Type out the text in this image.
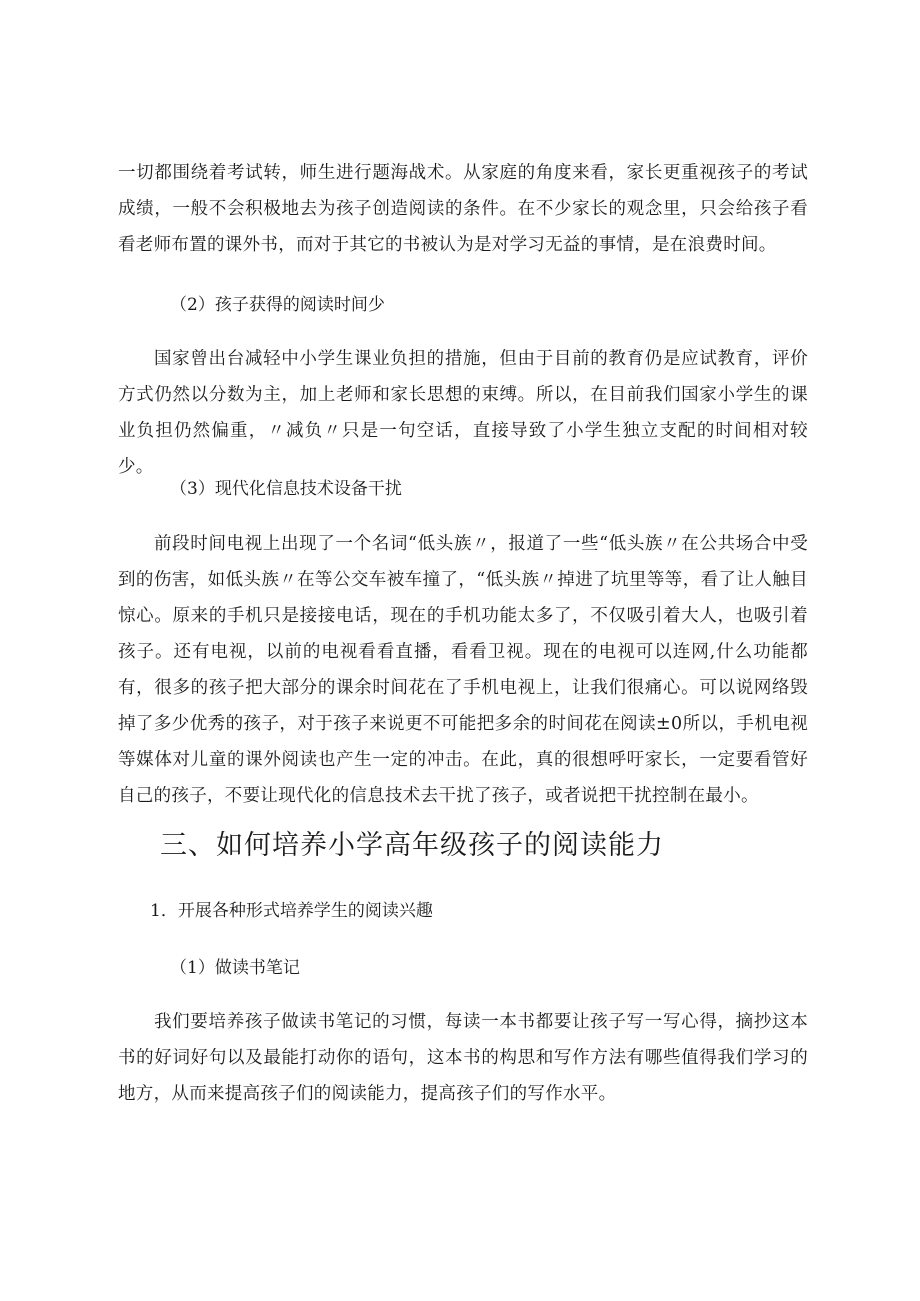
一切都围绕着考试转，师生进行题海战术。从家庭的角度来看，家长更重视孩子的考试成绩，一般不会积极地去为孩子创造阅读的条件。在不少家长的观念里，只会给孩子看看老师布置的课外书，而对于其它的书被认为是对学习无益的事情，是在浪费时间。

（2）孩子获得的阅读时间少

国家曾出台减轻中小学生课业负担的措施，但由于目前的教育仍是应试教育，评价方式仍然以分数为主，加上老师和家长思想的束缚。所以，在目前我们国家小学生的课业负担仍然偏重，〃减负〃只是一句空话，直接导致了小学生独立支配的时间相对较少。

（3）现代化信息技术设备干扰

前段时间电视上出现了一个名词“低头族〃，报道了一些“低头族〃在公共场合中受到的伤害，如低头族〃在等公交车被车撞了，“低头族〃掉进了坑里等等，看了让人触目惊心。原来的手机只是接接电话，现在的手机功能太多了，不仅吸引着大人，也吸引着孩子。还有电视，以前的电视看看直播，看看卫视。现在的电视可以连网,什么功能都有，很多的孩子把大部分的课余时间花在了手机电视上，让我们很痛心。可以说网络毁掉了多少优秀的孩子，对于孩子来说更不可能把多余的时间花在阅读±0所以，手机电视等媒体对儿童的课外阅读也产生一定的冲击。在此，真的很想呼吁家长，一定要看管好自己的孩子，不要让现代化的信息技术去干扰了孩子，或者说把干扰控制在最小。

三、如何培养小学高年级孩子的阅读能力

1．开展各种形式培养学生的阅读兴趣

（1）做读书笔记

我们要培养孩子做读书笔记的习惯，每读一本书都要让孩子写一写心得，摘抄这本书的好词好句以及最能打动你的语句，这本书的构思和写作方法有哪些值得我们学习的地方，从而来提高孩子们的阅读能力，提高孩子们的写作水平。
